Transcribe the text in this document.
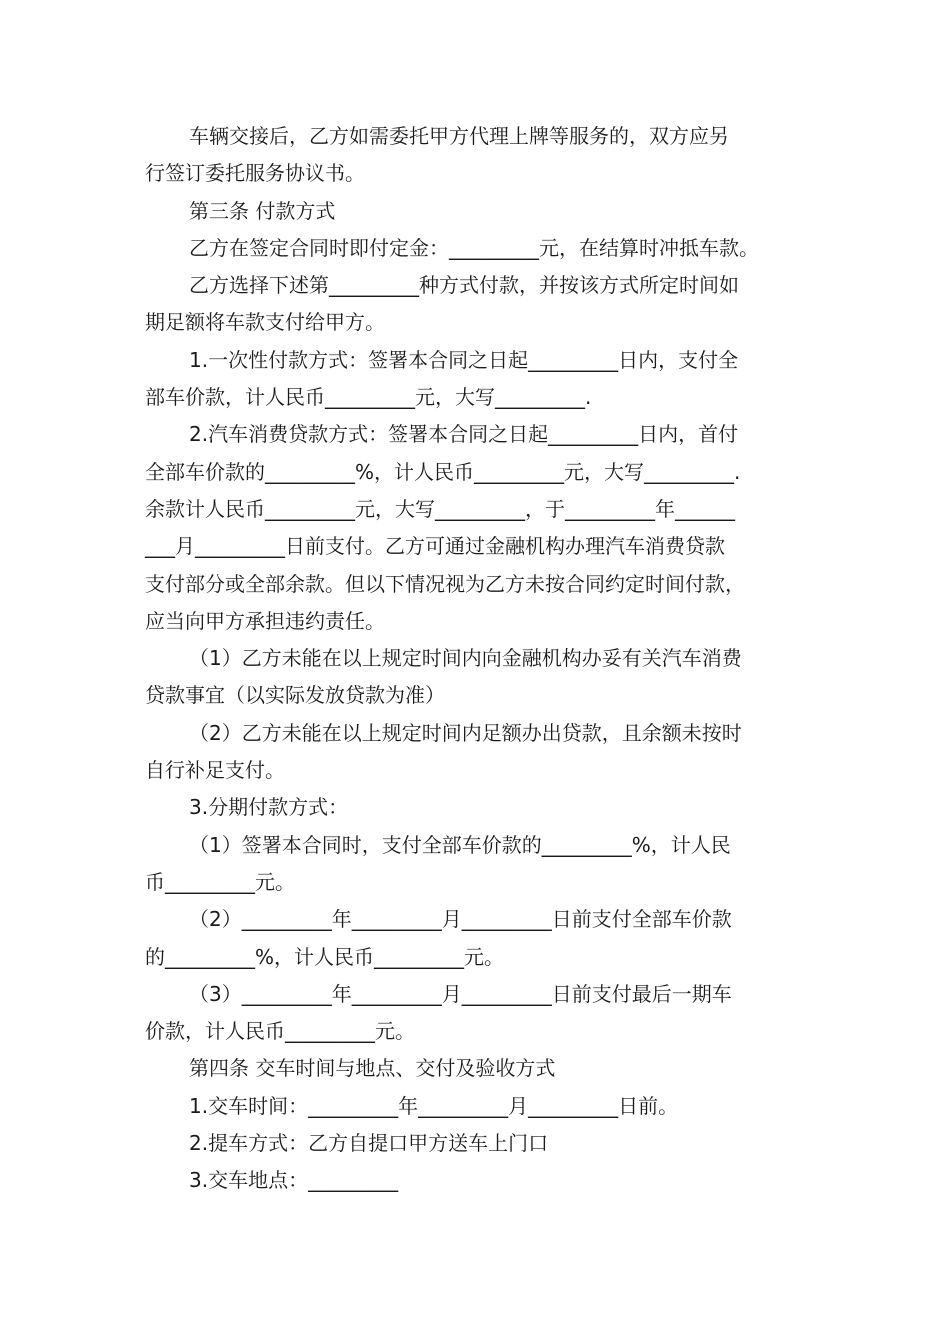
车辆交接后，乙方如需委托甲方代理上牌等服务的，双方应另
行签订委托服务协议书。
第三条 付款方式
乙方在签定合同时即付定金：_________元，在结算时冲抵车款。
乙方选择下述第_________种方式付款，并按该方式所定时间如
期足额将车款支付给甲方。
1.一次性付款方式：签署本合同之日起_________日内，支付全
部车价款，计人民币_________元，大写_________.
2.汽车消费贷款方式：签署本合同之日起_________日内，首付
全部车价款的_________%，计人民币_________元，大写_________.
余款计人民币_________元，大写_________，于_________年______
___月_________日前支付。乙方可通过金融机构办理汽车消费贷款
支付部分或全部余款。但以下情况视为乙方未按合同约定时间付款，
应当向甲方承担违约责任。
（1）乙方未能在以上规定时间内向金融机构办妥有关汽车消费
贷款事宜（以实际发放贷款为准）
（2）乙方未能在以上规定时间内足额办出贷款，且余额未按时
自行补足支付。
3.分期付款方式：
（1）签署本合同时，支付全部车价款的_________%，计人民
币_________元。
（2）_________年_________月_________日前支付全部车价款
的_________%，计人民币_________元。
（3）_________年_________月_________日前支付最后一期车
价款，计人民币_________元。
第四条 交车时间与地点、交付及验收方式
1.交车时间：_________年_________月_________日前。
2.提车方式：乙方自提口甲方送车上门口
3.交车地点：_________
